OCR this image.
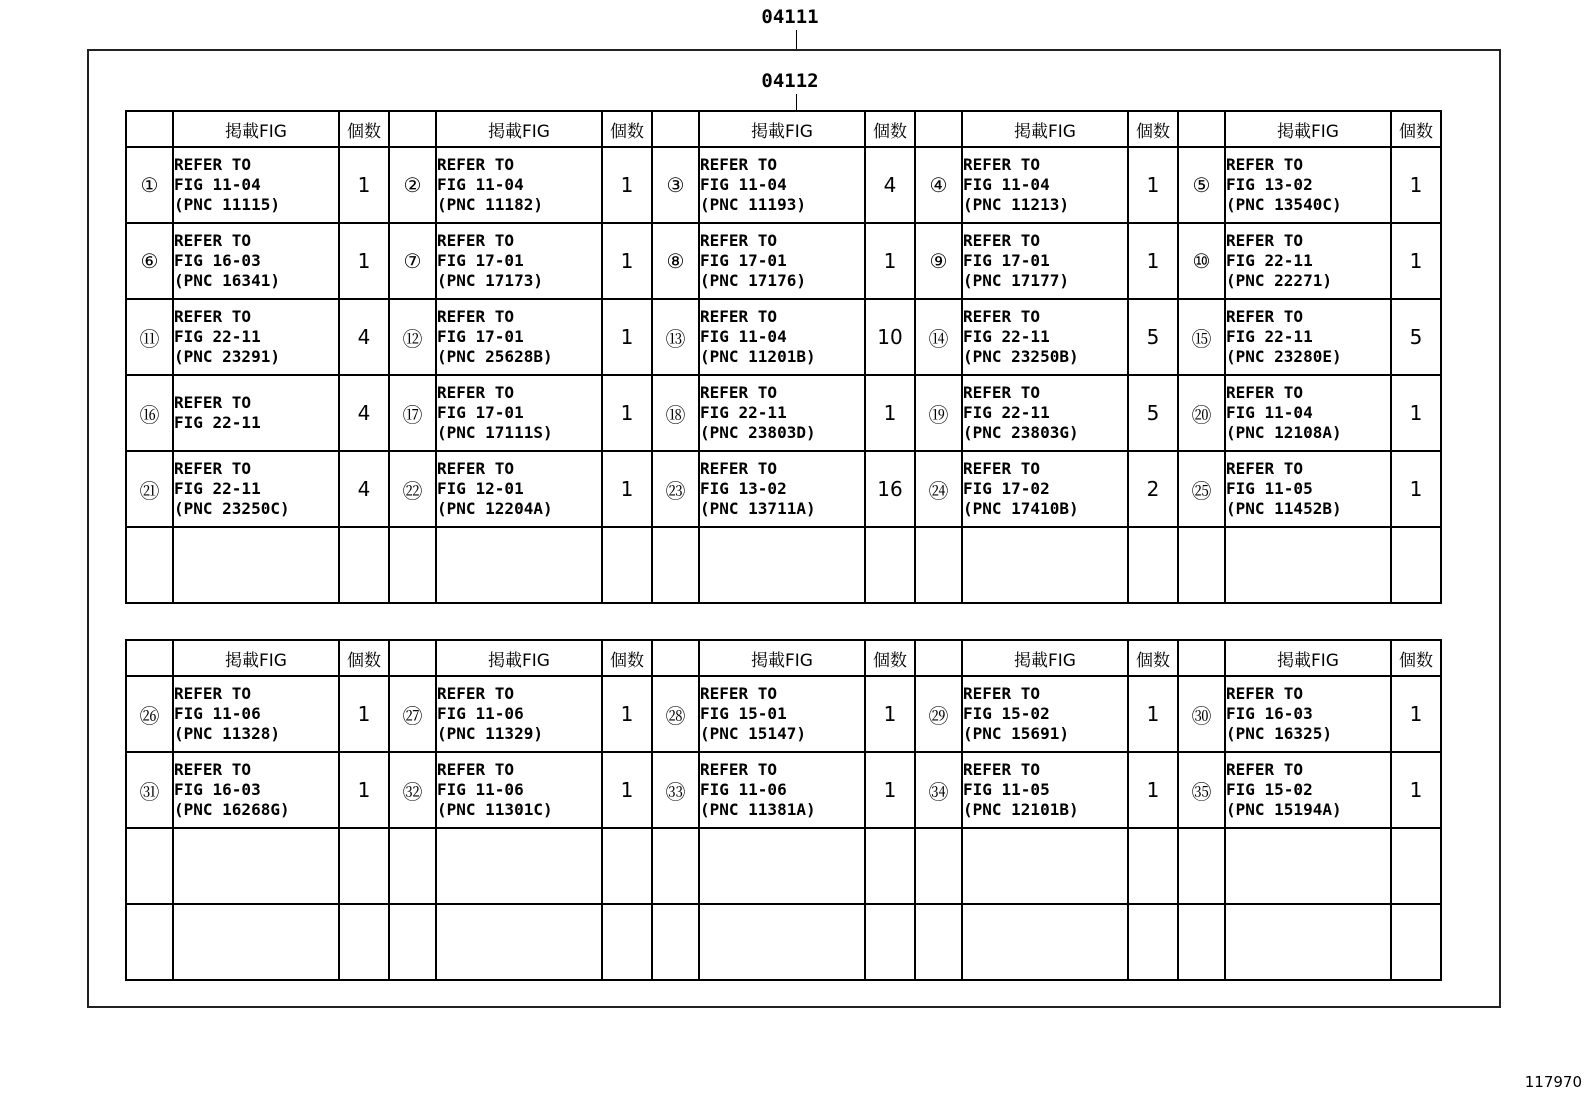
04111
04112
	掲載FIG	個数		掲載FIG	個数		掲載FIG	個数		掲載FIG	個数		掲載FIG	個数
①	REFER TO
FIG 11-04
(PNC 11115)	1	②	REFER TO
FIG 11-04
(PNC 11182)	1	③	REFER TO
FIG 11-04
(PNC 11193)	4	④	REFER TO
FIG 11-04
(PNC 11213)	1	⑤	REFER TO
FIG 13-02
(PNC 13540C)	1
⑥	REFER TO
FIG 16-03
(PNC 16341)	1	⑦	REFER TO
FIG 17-01
(PNC 17173)	1	⑧	REFER TO
FIG 17-01
(PNC 17176)	1	⑨	REFER TO
FIG 17-01
(PNC 17177)	1	⑩	REFER TO
FIG 22-11
(PNC 22271)	1
⑪	REFER TO
FIG 22-11
(PNC 23291)	4	⑫	REFER TO
FIG 17-01
(PNC 25628B)	1	⑬	REFER TO
FIG 11-04
(PNC 11201B)	10	⑭	REFER TO
FIG 22-11
(PNC 23250B)	5	⑮	REFER TO
FIG 22-11
(PNC 23280E)	5
⑯	REFER TO
FIG 22-11	4	⑰	REFER TO
FIG 17-01
(PNC 17111S)	1	⑱	REFER TO
FIG 22-11
(PNC 23803D)	1	⑲	REFER TO
FIG 22-11
(PNC 23803G)	5	⑳	REFER TO
FIG 11-04
(PNC 12108A)	1
㉑	REFER TO
FIG 22-11
(PNC 23250C)	4	㉒	REFER TO
FIG 12-01
(PNC 12204A)	1	㉓	REFER TO
FIG 13-02
(PNC 13711A)	16	㉔	REFER TO
FIG 17-02
(PNC 17410B)	2	㉕	REFER TO
FIG 11-05
(PNC 11452B)	1

	掲載FIG	個数		掲載FIG	個数		掲載FIG	個数		掲載FIG	個数		掲載FIG	個数
㉖	REFER TO
FIG 11-06
(PNC 11328)	1	㉗	REFER TO
FIG 11-06
(PNC 11329)	1	㉘	REFER TO
FIG 15-01
(PNC 15147)	1	㉙	REFER TO
FIG 15-02
(PNC 15691)	1	㉚	REFER TO
FIG 16-03
(PNC 16325)	1
㉛	REFER TO
FIG 16-03
(PNC 16268G)	1	㉜	REFER TO
FIG 11-06
(PNC 11301C)	1	㉝	REFER TO
FIG 11-06
(PNC 11381A)	1	㉞	REFER TO
FIG 11-05
(PNC 12101B)	1	㉟	REFER TO
FIG 15-02
(PNC 15194A)	1

117970
